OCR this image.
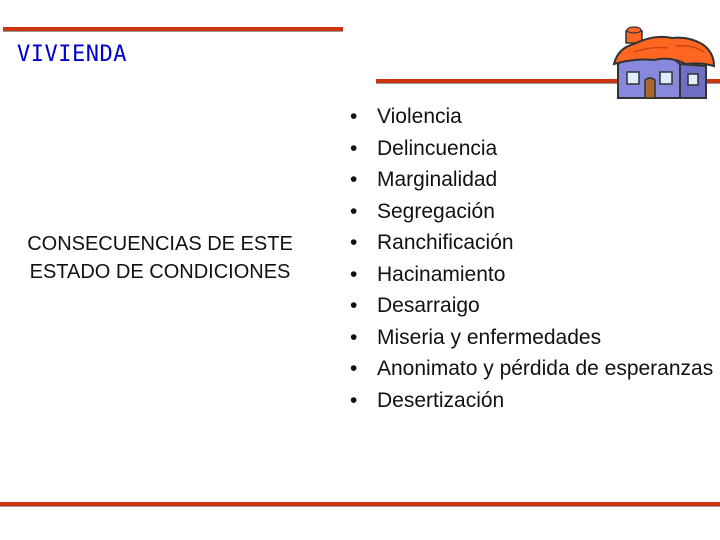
VIVIENDA
CONSECUENCIAS DE ESTE ESTADO DE CONDICIONES
• Violencia
• Delincuencia
• Marginalidad
• Segregación
• Ranchificación
• Hacinamiento
• Desarraigo
• Miseria y enfermedades
• Anonimato y pérdida de esperanzas
• Desertización
